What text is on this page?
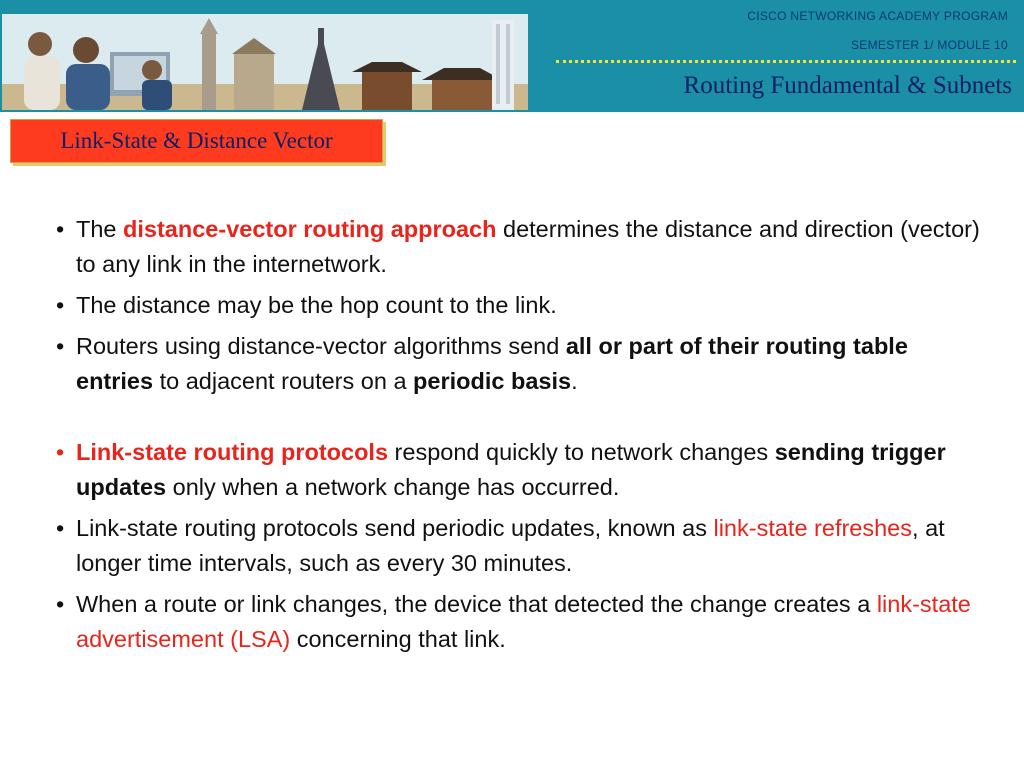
CISCO NETWORKING ACADEMY PROGRAM
SEMESTER 1/ MODULE 10
Routing Fundamental & Subnets
Link-State & Distance Vector
• The distance-vector routing approach determines the distance and direction (vector) to any link in the internetwork.
• The distance may be the hop count to the link.
• Routers using distance-vector algorithms send all or part of their routing table entries to adjacent routers on a periodic basis.
• Link-state routing protocols respond quickly to network changes sending trigger updates only when a network change has occurred.
• Link-state routing protocols send periodic updates, known as link-state refreshes, at longer time intervals, such as every 30 minutes.
• When a route or link changes, the device that detected the change creates a link-state advertisement (LSA) concerning that link.
